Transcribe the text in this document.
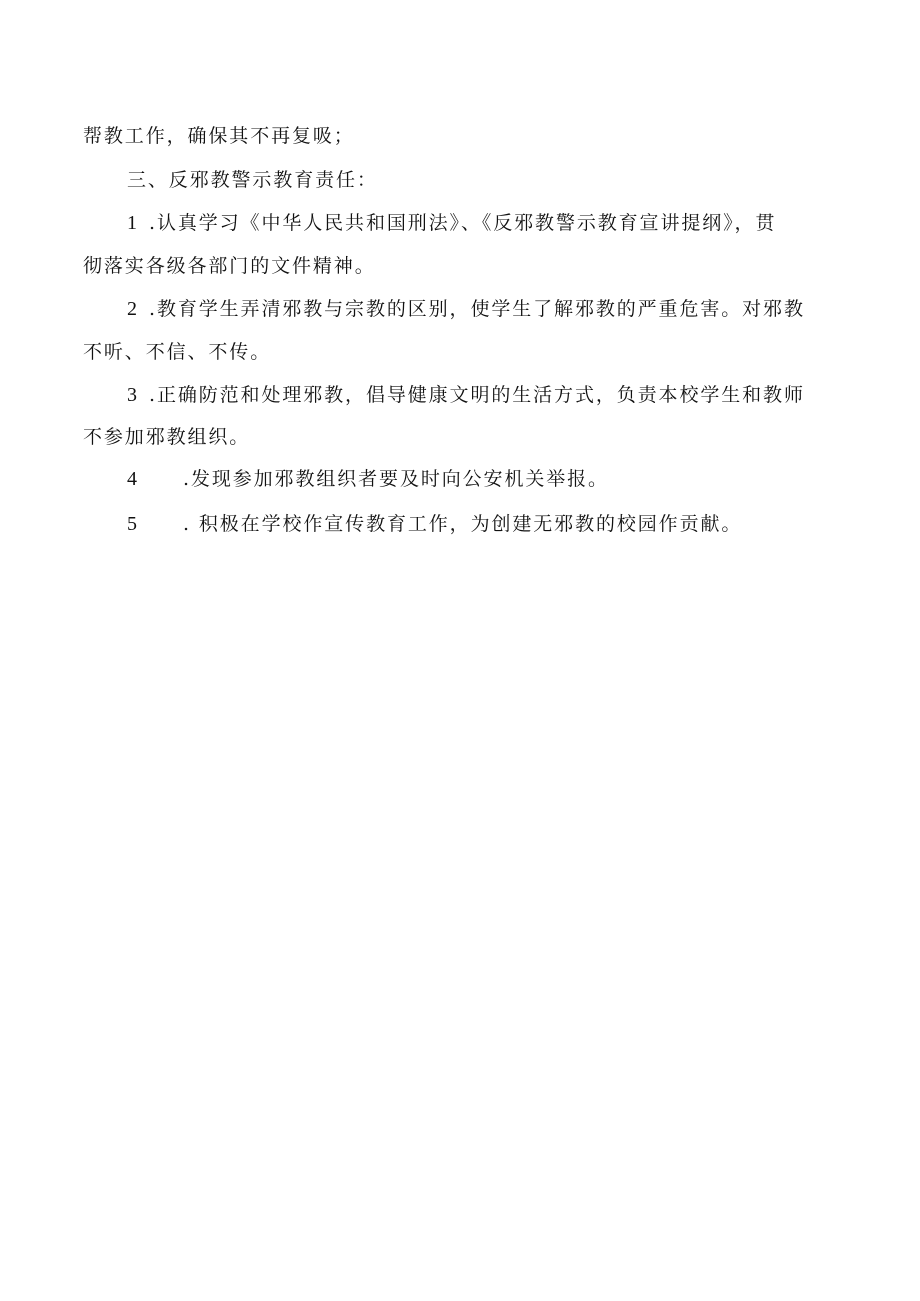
帮教工作，确保其不再复吸；
三、反邪教警示教育责任：
1 .认真学习《中华人民共和国刑法》、《反邪教警示教育宣讲提纲》，贯
彻落实各级各部门的文件精神。
2 .教育学生弄清邪教与宗教的区别，使学生了解邪教的严重危害。对邪教
不听、不信、不传。
3 .正确防范和处理邪教，倡导健康文明的生活方式，负责本校学生和教师
不参加邪教组织。
4 .发现参加邪教组织者要及时向公安机关举报。
5 . 积极在学校作宣传教育工作，为创建无邪教的校园作贡献。
